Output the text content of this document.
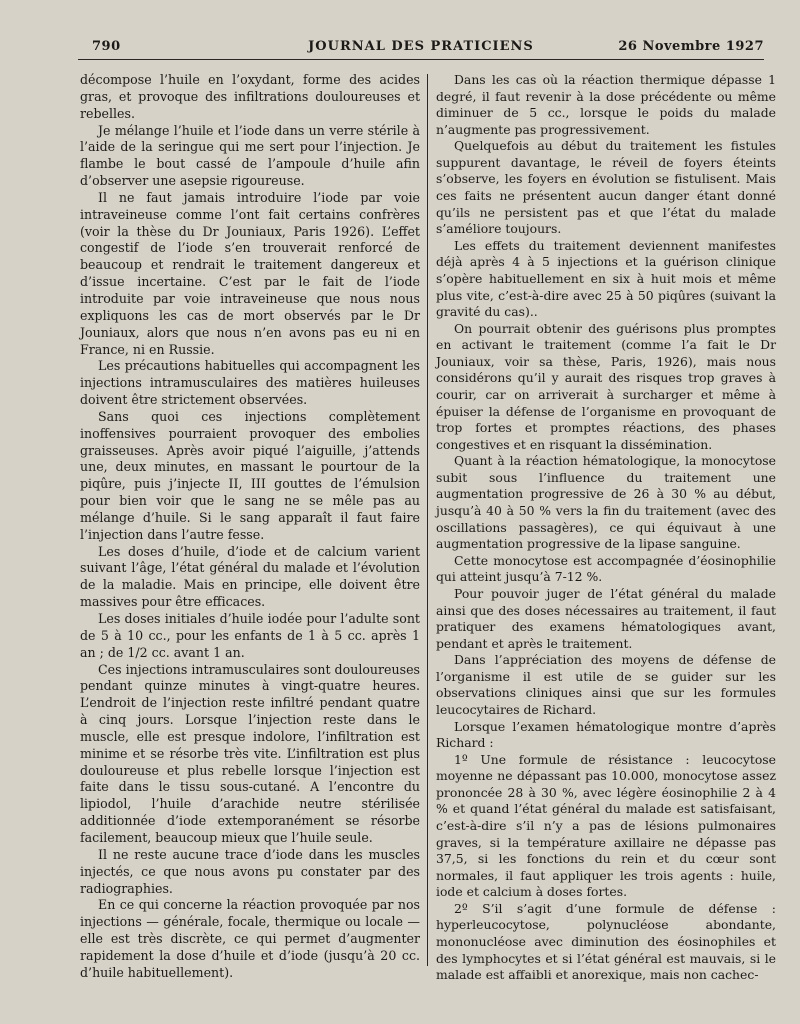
790	JOURNAL DES PRATICIENS	26 Novembre 1927

décompose l’huile en l’oxydant, forme des acides gras, et provoque des infiltrations douloureuses et rebelles.

Je mélange l’huile et l’iode dans un verre stérile à l’aide de la seringue qui me sert pour l’injection. Je flambe le bout cassé de l’ampoule d’huile afin d’observer une asepsie rigoureuse.

Il ne faut jamais introduire l’iode par voie intraveineuse comme l’ont fait certains confrères (voir la thèse du Dr Jouniaux, Paris 1926). L’effet congestif de l’iode s’en trouverait renforcé de beaucoup et rendrait le traitement dangereux et d’issue incertaine. C’est par le fait de l’iode introduite par voie intraveineuse que nous nous expliquons les cas de mort observés par le Dr Jouniaux, alors que nous n’en avons pas eu ni en France, ni en Russie.

Les précautions habituelles qui accompagnent les injections intramusculaires des matières huileuses doivent être strictement observées.

Sans quoi ces injections complètement inoffensives pourraient provoquer des embolies graisseuses. Après avoir piqué l’aiguille, j’attends une, deux minutes, en massant le pourtour de la piqûre, puis j’injecte II, III gouttes de l’émulsion pour bien voir que le sang ne se mêle pas au mélange d’huile. Si le sang apparaît il faut faire l’injection dans l’autre fesse.

Les doses d’huile, d’iode et de calcium varient suivant l’âge, l’état général du malade et l’évolution de la maladie. Mais en principe, elle doivent être massives pour être efficaces.

Les doses initiales d’huile iodée pour l’adulte sont de 5 à 10 cc., pour les enfants de 1 à 5 cc. après 1 an ; de 1/2 cc. avant 1 an.

Ces injections intramusculaires sont douloureuses pendant quinze minutes à vingt-quatre heures. L’endroit de l’injection reste infiltré pendant quatre à cinq jours. Lorsque l’injection reste dans le muscle, elle est presque indolore, l’infiltration est minime et se résorbe très vite. L’infiltration est plus douloureuse et plus rebelle lorsque l’injection est faite dans le tissu sous-cutané. A l’encontre du lipiodol, l’huile d’arachide neutre stérilisée additionnée d’iode extemporanément se résorbe facilement, beaucoup mieux que l’huile seule.

Il ne reste aucune trace d’iode dans les muscles injectés, ce que nous avons pu constater par des radiographies.

En ce qui concerne la réaction provoquée par nos injections — générale, focale, thermique ou locale — elle est très discrète, ce qui permet d’augmenter rapidement la dose d’huile et d’iode (jusqu’à 20 cc. d’huile habituellement).

Dans les cas où la réaction thermique dépasse 1 degré, il faut revenir à la dose précédente ou même diminuer de 5 cc., lorsque le poids du malade n’augmente pas progressivement.

Quelquefois au début du traitement les fistules suppurent davantage, le réveil de foyers éteints s’observe, les foyers en évolution se fistulisent. Mais ces faits ne présentent aucun danger étant donné qu’ils ne persistent pas et que l’état du malade s’améliore toujours.

Les effets du traitement deviennent manifestes déjà après 4 à 5 injections et la guérison clinique s’opère habituellement en six à huit mois et même plus vite, c’est-à-dire avec 25 à 50 piqûres (suivant la gravité du cas)..

On pourrait obtenir des guérisons plus promptes en activant le traitement (comme l’a fait le Dr Jouniaux, voir sa thèse, Paris, 1926), mais nous considérons qu’il y aurait des risques trop graves à courir, car on arriverait à surcharger et même à épuiser la défense de l’organisme en provoquant de trop fortes et promptes réactions, des phases congestives et en risquant la dissémination.

Quant à la réaction hématologique, la monocytose subit sous l’influence du traitement une augmentation progressive de 26 à 30 % au début, jusqu’à 40 à 50 % vers la fin du traitement (avec des oscillations passagères), ce qui équivaut à une augmentation progressive de la lipase sanguine.

Cette monocytose est accompagnée d’éosinophilie qui atteint jusqu’à 7-12 %.

Pour pouvoir juger de l’état général du malade ainsi que des doses nécessaires au traitement, il faut pratiquer des examens hématologiques avant, pendant et après le traitement.

Dans l’appréciation des moyens de défense de l’organisme il est utile de se guider sur les observations cliniques ainsi que sur les formules leucocytaires de Richard.

Lorsque l’examen hématologique montre d’après Richard :

1º Une formule de résistance : leucocytose moyenne ne dépassant pas 10.000, monocytose assez prononcée 28 à 30 %, avec légère éosinophilie 2 à 4 % et quand l’état général du malade est satisfaisant, c’est-à-dire s’il n’y a pas de lésions pulmonaires graves, si la température axillaire ne dépasse pas 37,5, si les fonctions du rein et du cœur sont normales, il faut appliquer les trois agents : huile, iode et calcium à doses fortes.

2º S’il s’agit d’une formule de défense : hyperleucocytose, polynucléose abondante, mononucléose avec diminution des éosinophiles et des lymphocytes et si l’état général est mauvais, si le malade est affaibli et anorexique, mais non cachec-
